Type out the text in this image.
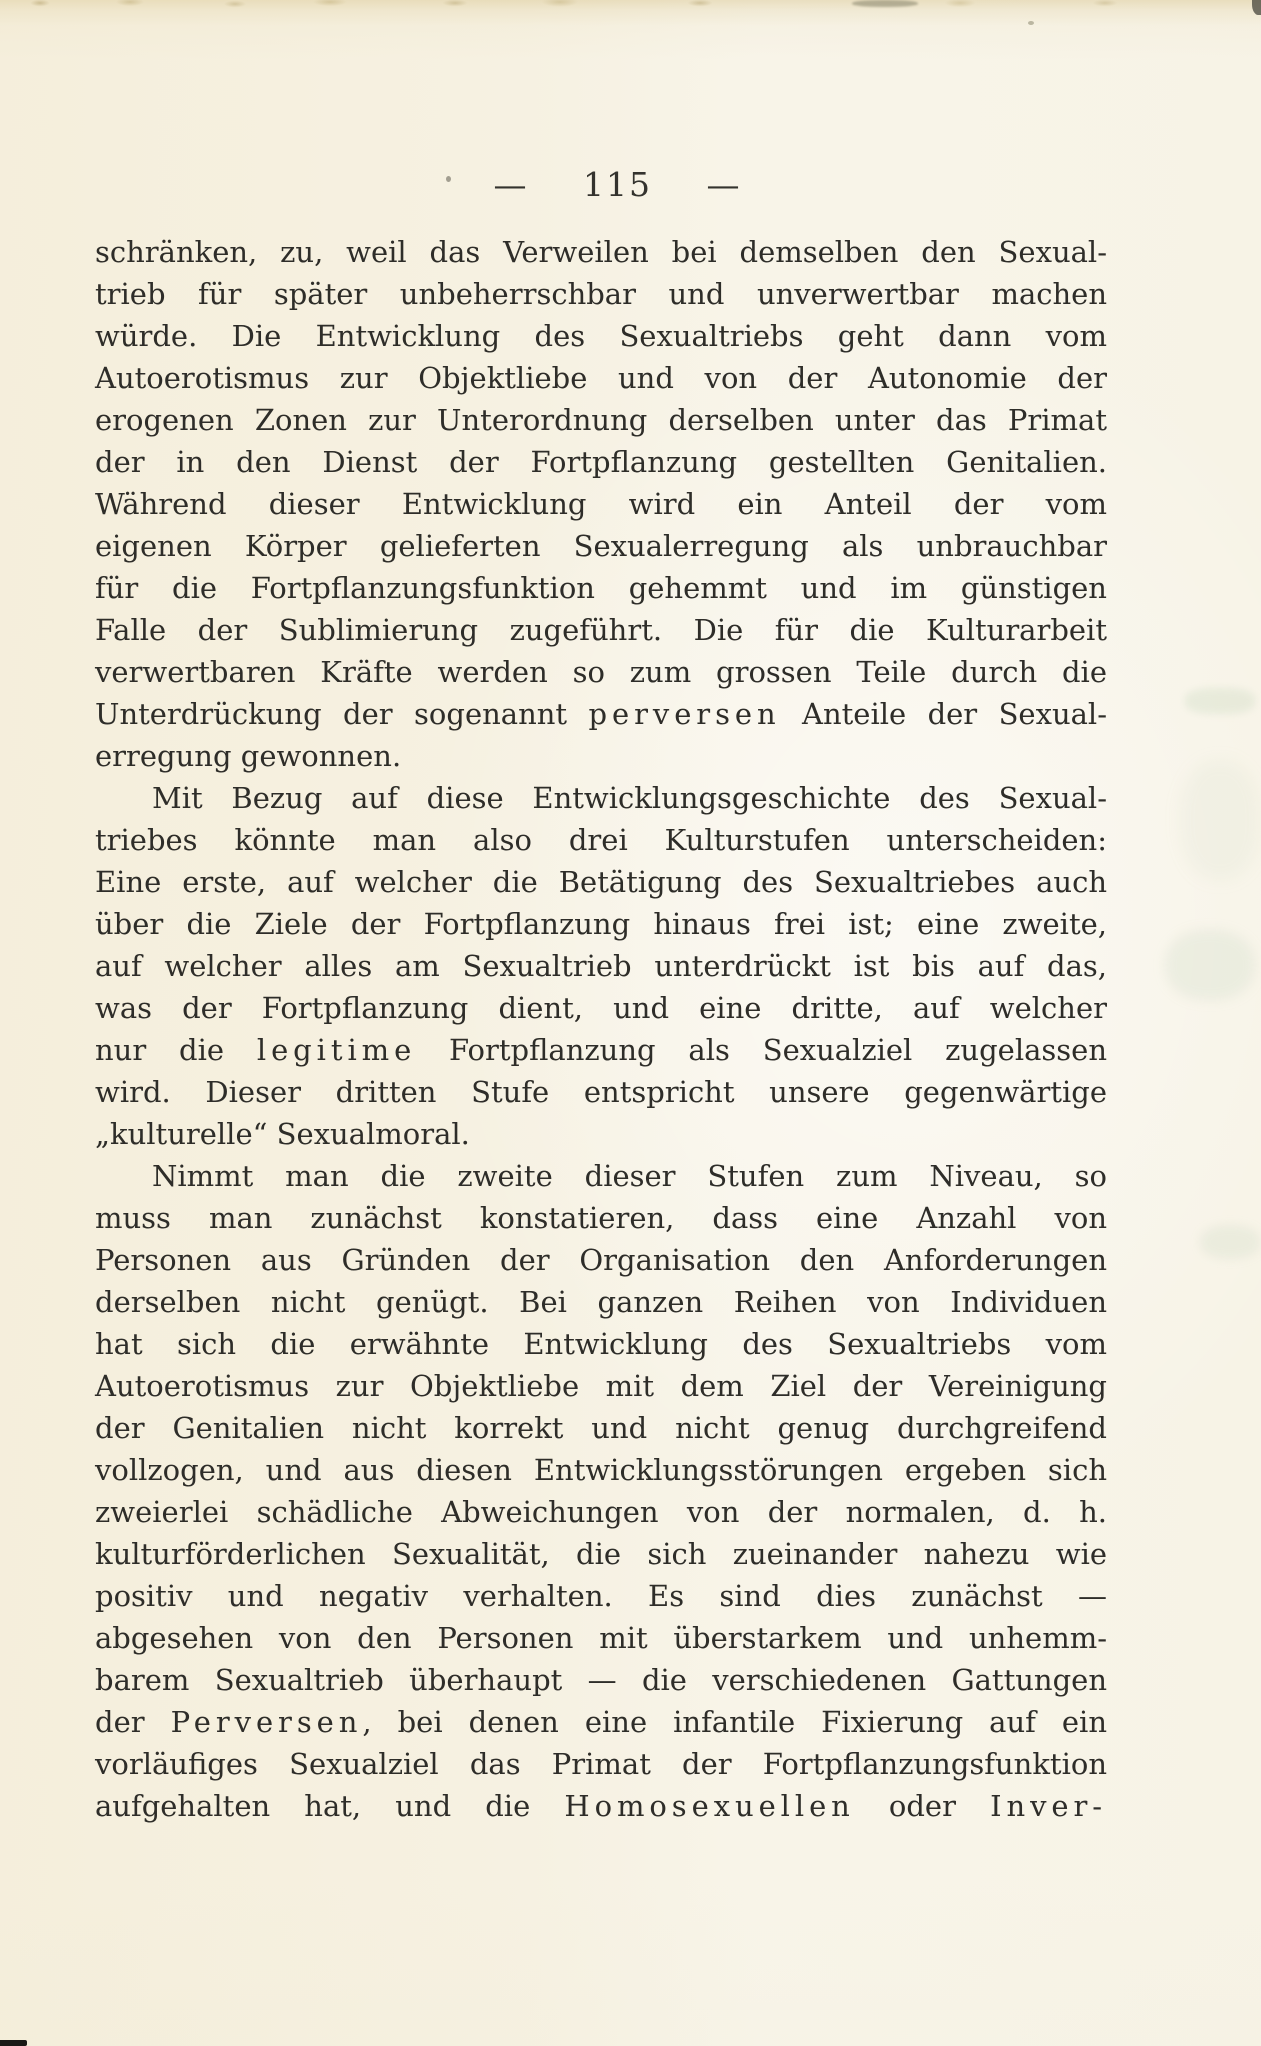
— 115 —
schränken, zu, weil das Verweilen bei demselben den Sexual-
trieb für später unbeherrschbar und unverwertbar machen
würde. Die Entwicklung des Sexualtriebs geht dann vom
Autoerotismus zur Objektliebe und von der Autonomie der
erogenen Zonen zur Unterordnung derselben unter das Primat
der in den Dienst der Fortpflanzung gestellten Genitalien.
Während dieser Entwicklung wird ein Anteil der vom
eigenen Körper gelieferten Sexualerregung als unbrauchbar
für die Fortpflanzungsfunktion gehemmt und im günstigen
Falle der Sublimierung zugeführt. Die für die Kulturarbeit
verwertbaren Kräfte werden so zum grossen Teile durch die
Unterdrückung der sogenannt perversen Anteile der Sexual-
erregung gewonnen.
Mit Bezug auf diese Entwicklungsgeschichte des Sexual-
triebes könnte man also drei Kulturstufen unterscheiden:
Eine erste, auf welcher die Betätigung des Sexualtriebes auch
über die Ziele der Fortpflanzung hinaus frei ist; eine zweite,
auf welcher alles am Sexualtrieb unterdrückt ist bis auf das,
was der Fortpflanzung dient, und eine dritte, auf welcher
nur die legitime Fortpflanzung als Sexualziel zugelassen
wird. Dieser dritten Stufe entspricht unsere gegenwärtige
„kulturelle“ Sexualmoral.
Nimmt man die zweite dieser Stufen zum Niveau, so
muss man zunächst konstatieren, dass eine Anzahl von
Personen aus Gründen der Organisation den Anforderungen
derselben nicht genügt. Bei ganzen Reihen von Individuen
hat sich die erwähnte Entwicklung des Sexualtriebs vom
Autoerotismus zur Objektliebe mit dem Ziel der Vereinigung
der Genitalien nicht korrekt und nicht genug durchgreifend
vollzogen, und aus diesen Entwicklungsstörungen ergeben sich
zweierlei schädliche Abweichungen von der normalen, d. h.
kulturförderlichen Sexualität, die sich zueinander nahezu wie
positiv und negativ verhalten. Es sind dies zunächst —
abgesehen von den Personen mit überstarkem und unhemm-
barem Sexualtrieb überhaupt — die verschiedenen Gattungen
der Perversen, bei denen eine infantile Fixierung auf ein
vorläufiges Sexualziel das Primat der Fortpflanzungsfunktion
aufgehalten hat, und die Homosexuellen oder Inver-
